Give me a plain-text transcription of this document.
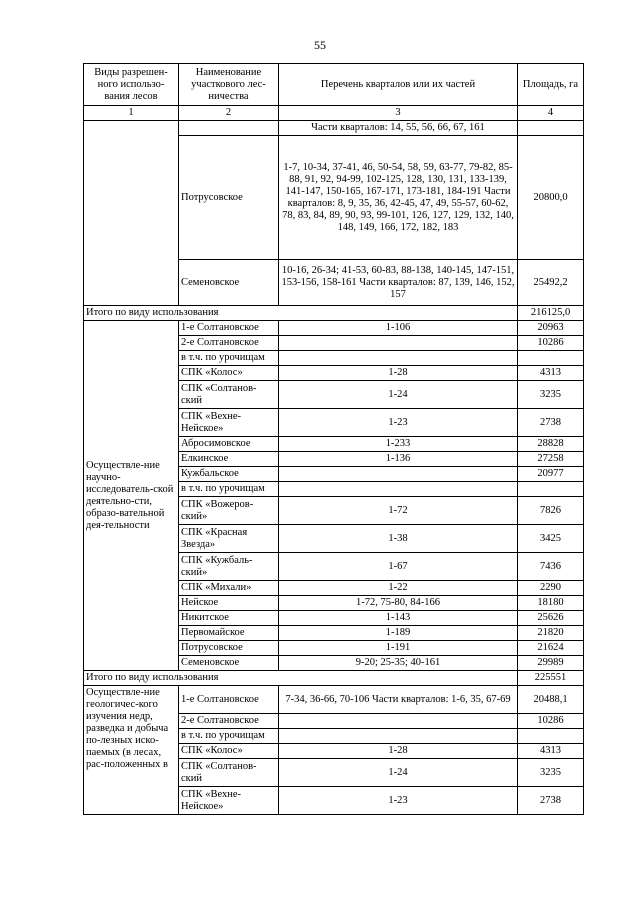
55
Виды разрешен-ного использо-вания лесов	Наименование участкового лес-ничества	Перечень кварталов или их частей	Площадь, га
1	2	3	4
		Части кварталов: 14, 55, 56, 66, 67, 161	
	Потрусовское	1-7, 10-34, 37-41, 46, 50-54, 58, 59, 63-77, 79-82, 85-88, 91, 92, 94-99, 102-125, 128, 130, 131, 133-139, 141-147, 150-165, 167-171, 173-181, 184-191 Части кварталов: 8, 9, 35, 36, 42-45, 47, 49, 55-57, 60-62, 78, 83, 84, 89, 90, 93, 99-101, 126, 127, 129, 132, 140, 148, 149, 166, 172, 182, 183	20800,0
	Семеновское	10-16, 26-34; 41-53, 60-83, 88-138, 140-145, 147-151, 153-156, 158-161 Части кварталов: 87, 139, 146, 152, 157	25492,2
Итого по виду использования			216125,0
Осуществле-ние научно-исследователь-ской деятельно-сти, образо-вательной дея-тельности	1-е Солтановское	1-106	20963
	2-е Солтановское		10286
	в т.ч. по урочищам		
	СПК «Колос»	1-28	4313
	СПК «Солтанов-ский	1-24	3235
	СПК «Вехне-Нейское»	1-23	2738
	Абросимовское	1-233	28828
	Елкинское	1-136	27258
	Кужбальское		20977
	в т.ч. по урочищам		
	СПК «Вожеров-ский»	1-72	7826
	СПК «Красная Звезда»	1-38	3425
	СПК «Кужбаль-ский»	1-67	7436
	СПК «Михали»	1-22	2290
	Нейское	1-72, 75-80, 84-166	18180
	Никитское	1-143	25626
	Первомайское	1-189	21820
	Потрусовское	1-191	21624
	Семеновское	9-20; 25-35; 40-161	29989
Итого по виду использования			225551
Осуществле-ние геологичес-кого изучения недр, разведка и добыча по-лезных иско-паемых (в лесах, рас-положенных в	1-е Солтановское	7-34, 36-66, 70-106 Части кварталов: 1-6, 35, 67-69	20488,1
	2-е Солтановское		10286
	в т.ч. по урочищам		
	СПК «Колос»	1-28	4313
	СПК «Солтанов-ский	1-24	3235
	СПК «Вехне-Нейское»	1-23	2738
